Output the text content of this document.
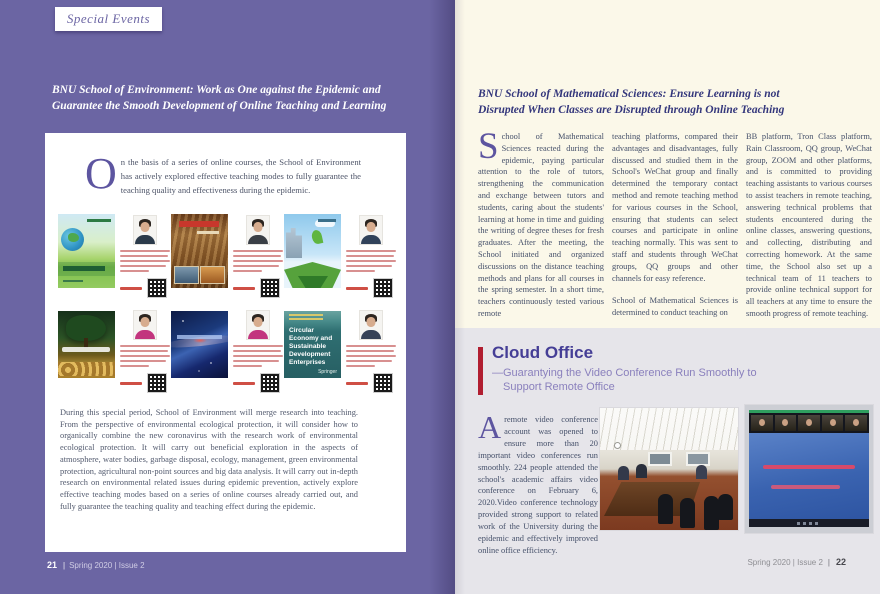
Special Events
BNU School of Environment: Work as One against the Epidemic and
Guarantee the Smooth Development of Online Teaching and Learning
On the basis of a series of online courses, the School of Environment has actively explored effective teaching modes to fully guarantee the teaching quality and effectiveness during the epidemic.
Circular Economy and Sustainable Development Enterprises
Springer
During this special period, School of Environment will merge research into teaching. From the perspective of environmental ecological protection, it will consider how to organically combine the new coronavirus with the research work of environmental ecological protection. It will carry out beneficial exploration in the aspects of atmosphere, water bodies, garbage disposal, ecology, management, green environmental protection, agricultural non-point sources and big data analysis. It will carry out in-depth research on environmental related issues during epidemic prevention, actively explore effective teaching modes based on a series of online courses already carried out, and fully guarantee the teaching quality and teaching effect during the epidemic.
21 | Spring 2020 | Issue 2
BNU School of Mathematical Sciences: Ensure Learning is not
Disrupted When Classes are Disrupted through Online Teaching
School of Mathematical Sciences reacted during the epidemic, paying particular attention to the role of tutors, strengthening the communication and exchange between tutors and students, caring about the students' learning at home in time and guiding the writing of degree theses for fresh graduates. After the meeting, the School initiated and organized discussions on the distance teaching methods and plans for all courses in the spring semester. In a short time, teachers continuously tested various remote
teaching platforms, compared their advantages and disadvantages, fully discussed and studied them in the School's WeChat group and finally determined the temporary contact method and remote teaching method for various courses in the School, ensuring that students can select courses and participate in online teaching normally. This was sent to staff and students through WeChat groups, QQ groups and other channels for easy reference.
School of Mathematical Sciences is determined to conduct teaching on
BB platform, Tron Class platform, Rain Classroom, QQ group, WeChat group, ZOOM and other platforms, and is committed to providing teaching assistants to various courses to assist teachers in remote teaching, answering technical problems that students encountered during the online classes, answering questions, and collecting, distributing and correcting homework. At the same time, the School also set up a technical team of 11 teachers to provide online technical support for all teachers at any time to ensure the smooth progress of remote teaching.
Cloud Office
—Guarantying the Video Conference Run Smoothly to
Support Remote Office
Aremote video conference account was opened to ensure more than 20 important video conferences run smoothly. 224 people attended the school's academic affairs video conference on February 6, 2020.Video conference technology provided strong support to related work of the University during the epidemic and effectively improved online office efficiency.
Spring 2020 | Issue 2 | 22
